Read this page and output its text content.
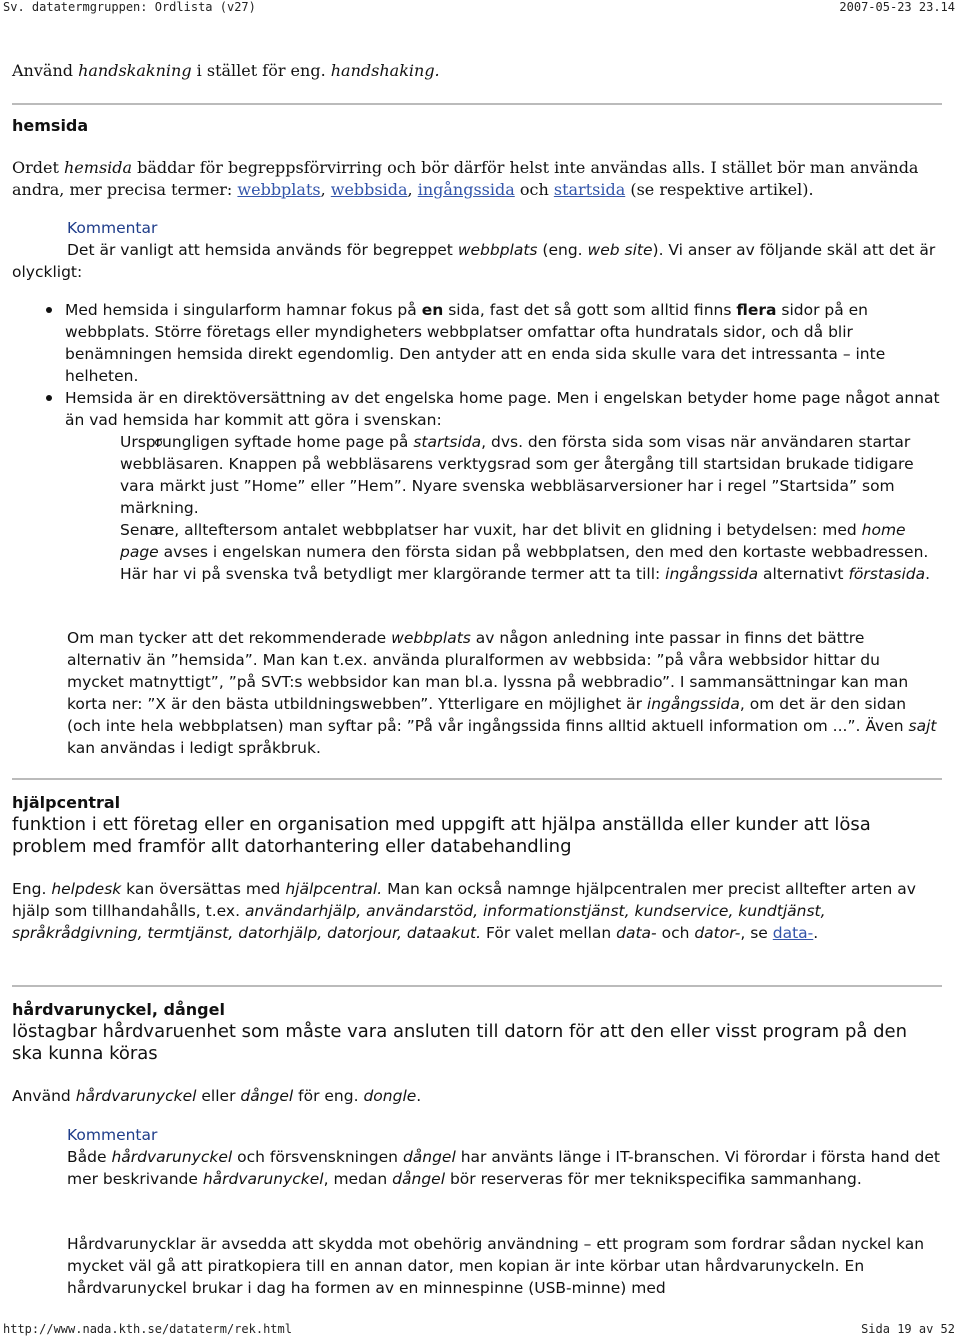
Sv. datatermgruppen: Ordlista (v27)	2007-05-23 23.14

Använd handskakning i stället för eng. handshaking.

hemsida

Ordet hemsida bäddar för begreppsförvirring och bör därför helst inte användas alls. I stället bör man använda andra, mer precisa termer: webbplats, webbsida, ingångssida och startsida (se respektive artikel).

Kommentar

Det är vanligt att hemsida används för begreppet webbplats (eng. web site). Vi anser av följande skäl att det är olyckligt:

Med hemsida i singularform hamnar fokus på en sida, fast det så gott som alltid finns flera sidor på en webbplats. Större företags eller myndigheters webbplatser omfattar ofta hundratals sidor, och då blir benämningen hemsida direkt egendomlig. Den antyder att en enda sida skulle vara det intressanta – inte helheten.
Hemsida är en direktöversättning av det engelska home page. Men i engelskan betyder home page något annat än vad hemsida har kommit att göra i svenskan:
Ursprungligen syftade home page på startsida, dvs. den första sida som visas när användaren startar webbläsaren. Knappen på webbläsarens verktygsrad som ger återgång till startsidan brukade tidigare vara märkt just ”Home” eller ”Hem”. Nyare svenska webbläsarversioner har i regel ”Startsida” som märkning.
Senare, allteftersom antalet webbplatser har vuxit, har det blivit en glidning i betydelsen: med home page avses i engelskan numera den första sidan på webbplatsen, den med den kortaste webbadressen. Här har vi på svenska två betydligt mer klargörande termer att ta till: ingångssida alternativt förstasida.

Om man tycker att det rekommenderade webbplats av någon anledning inte passar in finns det bättre alternativ än ”hemsida”. Man kan t.ex. använda pluralformen av webbsida: ”på våra webbsidor hittar du mycket matnyttigt”, ”på SVT:s webbsidor kan man bl.a. lyssna på webbradio”. I sammansättningar kan man korta ner: ”X är den bästa utbildningswebben”. Ytterligare en möjlighet är ingångssida, om det är den sidan (och inte hela webbplatsen) man syftar på: ”På vår ingångssida finns alltid aktuell information om ...”. Även sajt kan användas i ledigt språkbruk.

hjälpcentral

funktion i ett företag eller en organisation med uppgift att hjälpa anställda eller kunder att lösa problem med framför allt datorhantering eller databehandling

Eng. helpdesk kan översättas med hjälpcentral. Man kan också namnge hjälpcentralen mer precist alltefter arten av hjälp som tillhandahålls, t.ex. användarhjälp, användarstöd, informationstjänst, kundservice, kundtjänst, språkrådgivning, termtjänst, datorhjälp, datorjour, dataakut. För valet mellan data- och dator-, se data-.

hårdvarunyckel, dångel

löstagbar hårdvaruenhet som måste vara ansluten till datorn för att den eller visst program på den ska kunna köras

Använd hårdvarunyckel eller dångel för eng. dongle.

Kommentar

Både hårdvarunyckel och försvenskningen dångel har använts länge i IT-branschen. Vi förordar i första hand det mer beskrivande hårdvarunyckel, medan dångel bör reserveras för mer teknikspecifika sammanhang.

Hårdvarunycklar är avsedda att skydda mot obehörig användning – ett program som fordrar sådan nyckel kan mycket väl gå att piratkopiera till en annan dator, men kopian är inte körbar utan hårdvarunyckeln. En hårdvarunyckel brukar i dag ha formen av en minnespinne (USB-minne) med

http://www.nada.kth.se/dataterm/rek.html	Sida 19 av 52
